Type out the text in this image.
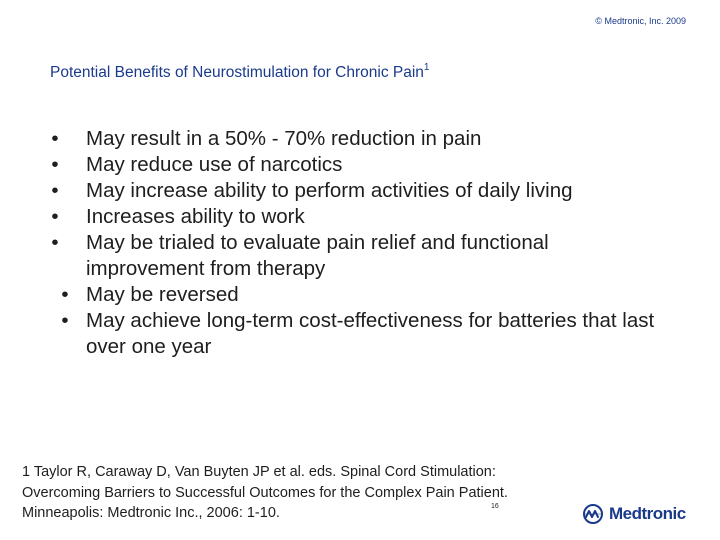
© Medtronic, Inc. 2009
Potential Benefits of Neurostimulation for Chronic Pain$^1$
• May result in a 50% - 70% reduction in pain
• May reduce use of narcotics
• May increase ability to perform activities of daily living
• Increases ability to work
• May be trialed to evaluate pain relief and functional improvement from therapy
• May be reversed
• May achieve long-term cost-effectiveness for batteries that last over one year
1 Taylor R, Caraway D, Van Buyten JP et al. eds. Spinal Cord Stimulation:
Overcoming Barriers to Successful Outcomes for the Complex Pain Patient.
Minneapolis: Medtronic Inc., 2006: 1-10.	16	Medtronic
